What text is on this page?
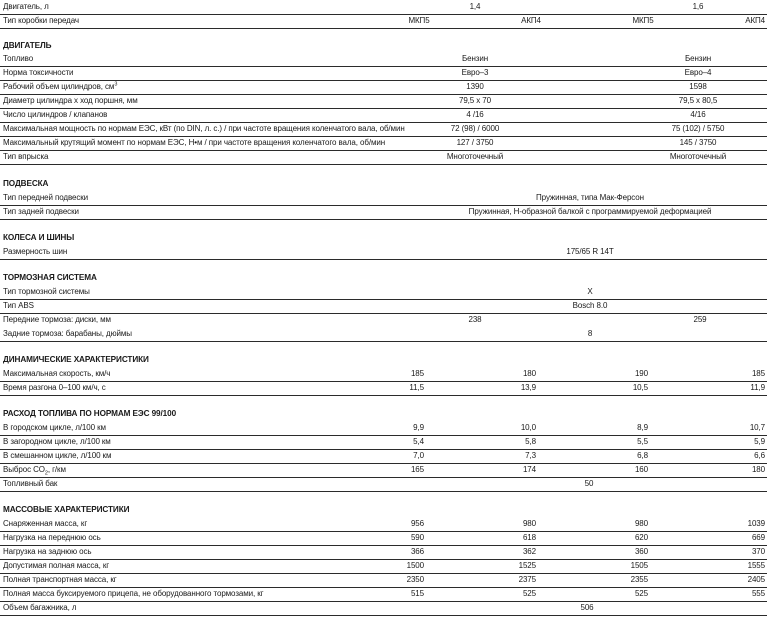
Двигатель, л	1,4	1,6
Тип коробки передач	МКП5	АКП4	МКП5	АКП4
ДВИГАТЕЛЬ
Топливо	Бензин	Бензин
Норма токсичности	Евро–3	Евро–4
Рабочий объем цилиндров, $см^3$	1390	1598
Диаметр цилиндра х ход поршня, мм	79,5 х 70	79,5 х 80,5
Число цилиндров / клапанов	4 /16	4/16
Максимальная мощность по нормам ЕЭС, кВт (по DIN, л. с.) / при частоте вращения коленчатого вала, об/мин	72 (98) / 6000	75 (102) / 5750
Максимальный крутящий момент по нормам ЕЭС, Н•м / при частоте вращения коленчатого вала, об/мин	127 / 3750	145 / 3750
Тип впрыска	Многоточечный	Многоточечный
ПОДВЕСКА
Тип передней подвески	Пружинная, типа Мак-Ферсон
Тип задней подвески	Пружинная, Н-образной балкой с программируемой деформацией
КОЛЕСА И ШИНЫ
Размерность шин	175/65 R 14T
ТОРМОЗНАЯ СИСТЕМА
Тип тормозной системы	X
Тип ABS	Bosch 8.0
Передние тормоза: диски, мм	238	259
Задние тормоза: барабаны, дюймы	8
ДИНАМИЧЕСКИЕ ХАРАКТЕРИСТИКИ
Максимальная скорость, км/ч	185	180	190	185
Время разгона 0–100 км/ч, с	11,5	13,9	10,5	11,9
РАСХОД ТОПЛИВА ПО НОРМАМ ЕЭС 99/100
В городском цикле, л/100 км	9,9	10,0	8,9	10,7
В загородном цикле, л/100 км	5,4	5,8	5,5	5,9
В смешанном цикле, л/100 км	7,0	7,3	6,8	6,6
Выброс $CO_2$, г/км	165	174	160	180
Топливный бак	50
МАССОВЫЕ ХАРАКТЕРИСТИКИ
Снаряженная масса, кг	956	980	980	1039
Нагрузка на переднюю ось	590	618	620	669
Нагрузка на заднюю ось	366	362	360	370
Допустимая полная масса, кг	1500	1525	1505	1555
Полная транспортная масса, кг	2350	2375	2355	2405
Полная масса буксируемого прицепа, не оборудованного тормозами, кг	515	525	525	555
Объем багажника, л	506
